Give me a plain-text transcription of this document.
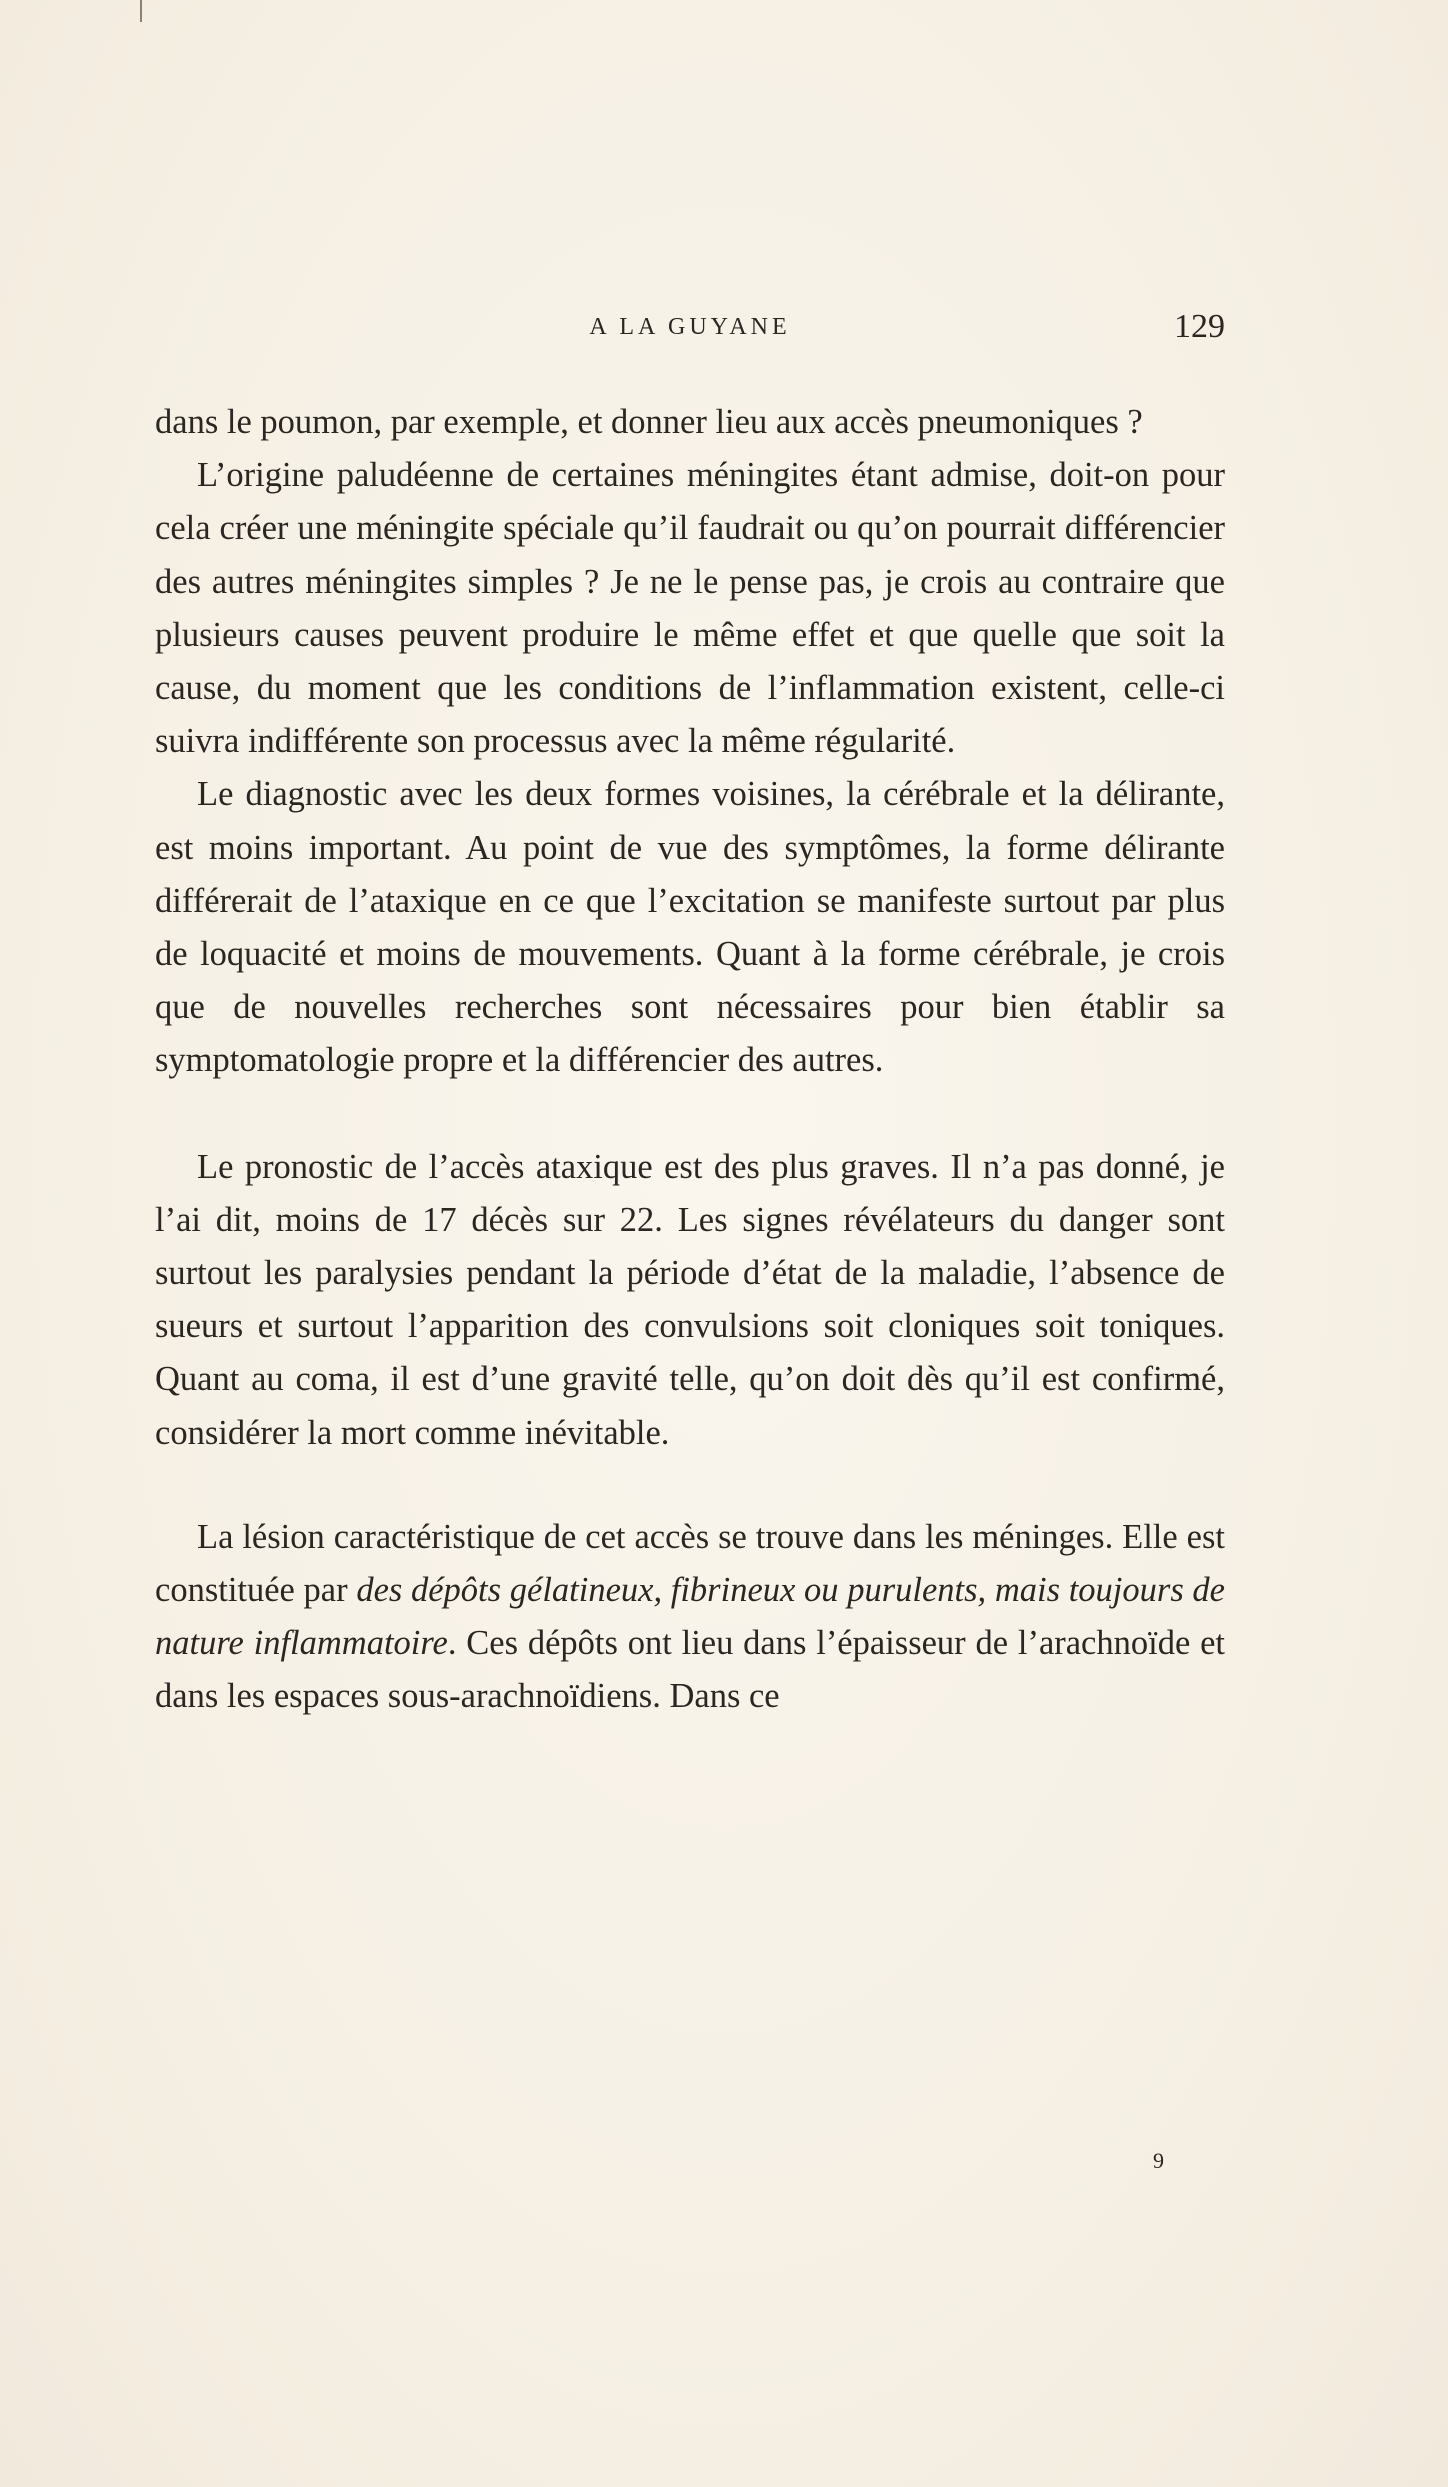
A LA GUYANE	129

dans le poumon, par exemple, et donner lieu aux accès pneumoniques ?

L’origine paludéenne de certaines méningites étant admise, doit-on pour cela créer une méningite spéciale qu’il faudrait ou qu’on pourrait différencier des autres méningites simples ? Je ne le pense pas, je crois au contraire que plusieurs causes peuvent produire le même effet et que quelle que soit la cause, du moment que les conditions de l’inflammation existent, celle-ci suivra indifférente son processus avec la même régularité.

Le diagnostic avec les deux formes voisines, la cérébrale et la délirante, est moins important. Au point de vue des symptômes, la forme délirante différerait de l’ataxique en ce que l’excitation se manifeste surtout par plus de loquacité et moins de mouvements. Quant à la forme cérébrale, je crois que de nouvelles recherches sont nécessaires pour bien établir sa symptomatologie propre et la différencier des autres.

Le pronostic de l’accès ataxique est des plus graves. Il n’a pas donné, je l’ai dit, moins de 17 décès sur 22. Les signes révélateurs du danger sont surtout les paralysies pendant la période d’état de la maladie, l’absence de sueurs et surtout l’apparition des convulsions soit cloniques soit toniques. Quant au coma, il est d’une gravité telle, qu’on doit dès qu’il est confirmé, considérer la mort comme inévitable.

La lésion caractéristique de cet accès se trouve dans les méninges. Elle est constituée par des dépôts gélatineux, fibrineux ou purulents, mais toujours de nature inflammatoire. Ces dépôts ont lieu dans l’épaisseur de l’arachnoïde et dans les espaces sous-arachnoïdiens. Dans ce

9
